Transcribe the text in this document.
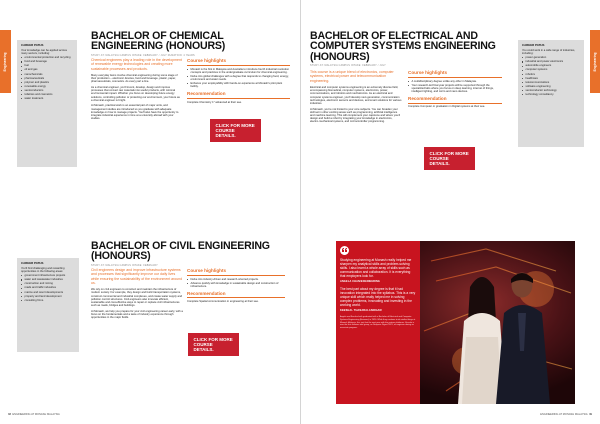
Engineering	Engineering
CAREER PATHS
Your knowledge can be applied across many sectors, including:
environmental protection and recycling
food and beverage
fuel
oil and gas
nanochemicals
pharmaceuticals
polymer and plastics
renewable energy
semiconductors
toiletries and cosmetics
water treatment.
BACHELOR OF CHEMICAL ENGINEERING (HONOURS)
STUDY AT: MALAYSIA CAMPUS INTAKE: FEBRUARY / JULY DURATION: 4 YEARS
Chemical engineers play a leading role in the development of renewable energy technologies and creating more sustainable processes and products.
Many everyday items involve chemical engineering during some stage of their production – electronic devices, food and beverage, plastic, paper, pharmaceuticals, cosmetics. As every part a line.
As a chemical engineer, you'll invent, develop, design and improve processes that convert raw materials into useful products, with minimal environmental impact. Whether you focus on developing future energy solutions, controlling pollution or protecting our environment, your future as a chemical engineer is bright.
At Monash, practical work is an essential part of major units, and management studies are introduced so you graduate with adequate knowledge on how to manage projects. You'll also have the opportunity to integrate industrial experience in time at a university abroad with your studies.
Course highlights
Monash is the first in Malaysia and Australia to introduce fourth industrial revolution concepts and practices in the undergraduate curriculum for chemical engineering.
Delve into global challenges with a degree that responds to changing food, energy, environment and water needs.
Enhance your employability with hands-on experience at Monash's pilot plant facility.
Recommendation
Complete Chemistry 1° advanced at their see.
CLICK FOR MORE COURSE DETAILS.
BACHELOR OF ELECTRICAL AND COMPUTER SYSTEMS ENGINEERING (HONOURS)
STUDY AT: MALAYSIA CAMPUS INTAKE: FEBRUARY / JULY
This course is a unique blend of electronics, computer systems, electrical power and telecommunication engineering.
Electrical and computer systems engineering is an extremely diverse field, encompassing biomedical, computer systems, electronics, power, communications, and robotics and mechatronics. As an electrical and computer systems engineer, you'll develop next-generation, communication technologies, electronic sensors and devices, and smart solutions for various industries.
At Monash, you're not limited to your core subjects. You can broaden your skill set in other exciting areas such as programming, artificial intelligence and machine learning. This will complement your capstone and where you'd design and build a robot by integrating your knowledge in electronics, electro-mechanical systems, and microcontroller programming.
Course highlights
A multidisciplinary degree unlike any other in Malaysia.
Your research-led final year projects will be supported through the specialized labs where you focus on deep learning, internet of things, intelligent lighting, and micro and nano devices.
Recommendation
Complete Computer or graduation in Digital systems at their see.
CLICK FOR MORE COURSE DETAILS.
CAREER PATHS
You could work in a wide range of industries, including:
power generation
industrial and power electronics
automobile engineers
computer systems
robotics
healthcare
telecommunications
software engineering
semiconductor technology
technology consultancy.
CAREER PATHS
You'll find challenging and rewarding opportunities in the following areas:
government infrastructure projects
water and wastewater industries
construction and mining
roads and traffic industries
marine and resort developments
property and land development
consulting firms.
BACHELOR OF CIVIL ENGINEERING (HONOURS)
STUDY AT: MALAYSIA CAMPUS INTAKE: FEBRUARY
Civil engineers design and improve infrastructure systems and processes that significantly improve our daily lives while ensuring the sustainability of the environment around us.
We rely on civil engineers to construct and maintain the infrastructure of modern society. For example, they design and build transportation systems, construct commercial and industrial complexes, and create water supply and pollution control structures. Civil engineers also innovate efficient, sustainable and cost-effective ways to repair or replace civil infrastructures such as roads, bridges and buildings.
At Monash, we help you prepare for your civil engineering career early, with a focus on the fundamentals and a taste of industry experience through opportunities in the major fields.
Course highlights
Delve into industry-driven and research-oriented projects.
Advance quickly with knowledge in sustainable design and construction of infrastructure.
Recommendation
Complete Spatial communication in engineering at their see.
CLICK FOR MORE COURSE DETAILS.
Studying engineering at Monash really helped me sharpen my analytical skills and problem-solving skills. I also learnt a whole array of skills such as communication and collaboration. It is everything that employers look for.
ANGELA CHAN/ENGINEERING
The best part about my degree is that it had innovation integrated into the syllabus. This is a very unique skill which really helped me in solving complex problems, innovating and investing in the working world.
KEESHAL THANABALASINGAM
Angela and Keesha both graduated with a Bachelor of Electrical and Computer Systems Engineering (Honours) in 2020. While they continue to do similar things at Monash Malaysia, this just that the next year with the partner platforms. Keesha is now the first software and group, an Nexperia Digest 2021, an engineer during an associate program.
38  ENGINEERING AT MONASH MALAYSIA	ENGINEERING AT MONASH MALAYSIA  39
